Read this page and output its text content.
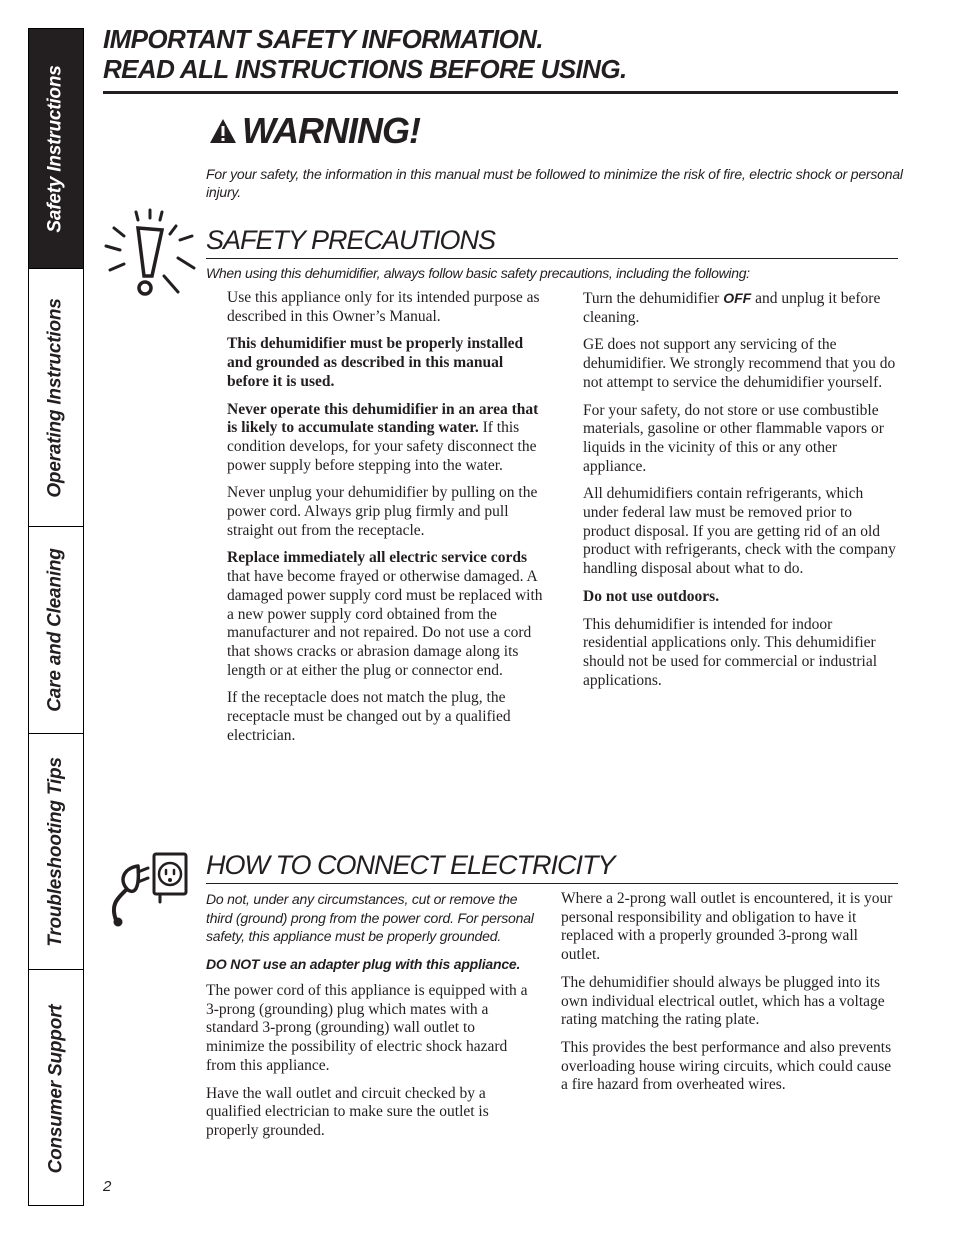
Safety Instructions
Operating Instructions
Care and Cleaning
Troubleshooting Tips
Consumer Support
IMPORTANT SAFETY INFORMATION.
READ ALL INSTRUCTIONS BEFORE USING.
WARNING!
For your safety, the information in this manual must be followed to minimize the risk of fire, electric shock or personal injury.
SAFETY PRECAUTIONS
When using this dehumidifier, always follow basic safety precautions, including the following:

Use this appliance only for its intended purpose as described in this Owner’s Manual.

This dehumidifier must be properly installed and grounded as described in this manual before it is used.

Never operate this dehumidifier in an area that is likely to accumulate standing water. If this condition develops, for your safety disconnect the power supply before stepping into the water.

Never unplug your dehumidifier by pulling on the power cord. Always grip plug firmly and pull straight out from the receptacle.

Replace immediately all electric service cords that have become frayed or otherwise damaged. A damaged power supply cord must be replaced with a new power supply cord obtained from the manufacturer and not repaired. Do not use a cord that shows cracks or abrasion damage along its length or at either the plug or connector end.

If the receptacle does not match the plug, the receptacle must be changed out by a qualified electrician.

Turn the dehumidifier OFF and unplug it before cleaning.

GE does not support any servicing of the dehumidifier. We strongly recommend that you do not attempt to service the dehumidifier yourself.

For your safety, do not store or use combustible materials, gasoline or other flammable vapors or liquids in the vicinity of this or any other appliance.

All dehumidifiers contain refrigerants, which under federal law must be removed prior to product disposal. If you are getting rid of an old product with refrigerants, check with the company handling disposal about what to do.

Do not use outdoors.

This dehumidifier is intended for indoor residential applications only. This dehumidifier should not be used for commercial or industrial applications.

HOW TO CONNECT ELECTRICITY

Do not, under any circumstances, cut or remove the third (ground) prong from the power cord. For personal safety, this appliance must be properly grounded.

DO NOT use an adapter plug with this appliance.

The power cord of this appliance is equipped with a 3-prong (grounding) plug which mates with a standard 3-prong (grounding) wall outlet to minimize the possibility of electric shock hazard from this appliance.

Have the wall outlet and circuit checked by a qualified electrician to make sure the outlet is properly grounded.

Where a 2-prong wall outlet is encountered, it is your personal responsibility and obligation to have it replaced with a properly grounded 3-prong wall outlet.

The dehumidifier should always be plugged into its own individual electrical outlet, which has a voltage rating matching the rating plate.

This provides the best performance and also prevents overloading house wiring circuits, which could cause a fire hazard from overheated wires.

2
